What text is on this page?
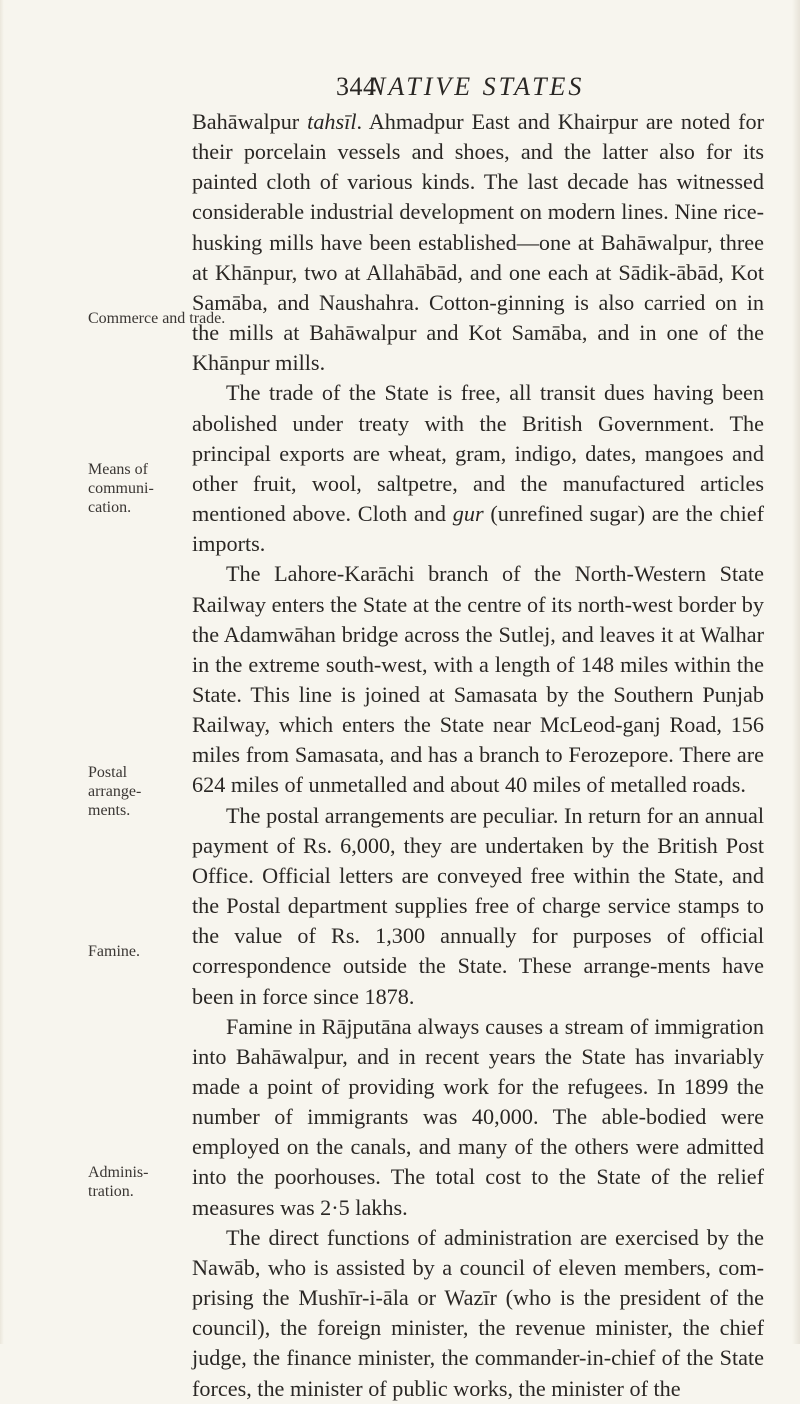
344
NATIVE STATES
Commerce and trade.
Means of communi-cation.
Postal arrange-ments.
Famine.
Adminis-tration.

Bahāwalpur tahsīl. Ahmadpur East and Khairpur are noted for their porcelain vessels and shoes, and the latter also for its painted cloth of various kinds. The last decade has witnessed considerable industrial development on modern lines. Nine rice-husking mills have been established—one at Bahāwalpur, three at Khānpur, two at Allahābād, and one each at Sādik-ābād, Kot Samāba, and Naushahra. Cotton-ginning is also carried on in the mills at Bahāwalpur and Kot Samāba, and in one of the Khānpur mills.

The trade of the State is free, all transit dues having been abolished under treaty with the British Government. The principal exports are wheat, gram, indigo, dates, mangoes and other fruit, wool, saltpetre, and the manufactured articles mentioned above. Cloth and gur (unrefined sugar) are the chief imports.

The Lahore-Karāchi branch of the North-Western State Railway enters the State at the centre of its north-west border by the Adamwāhan bridge across the Sutlej, and leaves it at Walhar in the extreme south-west, with a length of 148 miles within the State. This line is joined at Samasata by the Southern Punjab Railway, which enters the State near McLeod-ganj Road, 156 miles from Samasata, and has a branch to Ferozepore. There are 624 miles of unmetalled and about 40 miles of metalled roads.

The postal arrangements are peculiar. In return for an annual payment of Rs. 6,000, they are undertaken by the British Post Office. Official letters are conveyed free within the State, and the Postal department supplies free of charge service stamps to the value of Rs. 1,300 annually for purposes of official correspondence outside the State. These arrange-ments have been in force since 1878.

Famine in Rājputāna always causes a stream of immigration into Bahāwalpur, and in recent years the State has invariably made a point of providing work for the refugees. In 1899 the number of immigrants was 40,000. The able-bodied were employed on the canals, and many of the others were admitted into the poorhouses. The total cost to the State of the relief measures was 2·5 lakhs.

The direct functions of administration are exercised by the Nawāb, who is assisted by a council of eleven members, com-prising the Mushīr-i-āla or Wazīr (who is the president of the council), the foreign minister, the revenue minister, the chief judge, the finance minister, the commander-in-chief of the State forces, the minister of public works, the minister of the
